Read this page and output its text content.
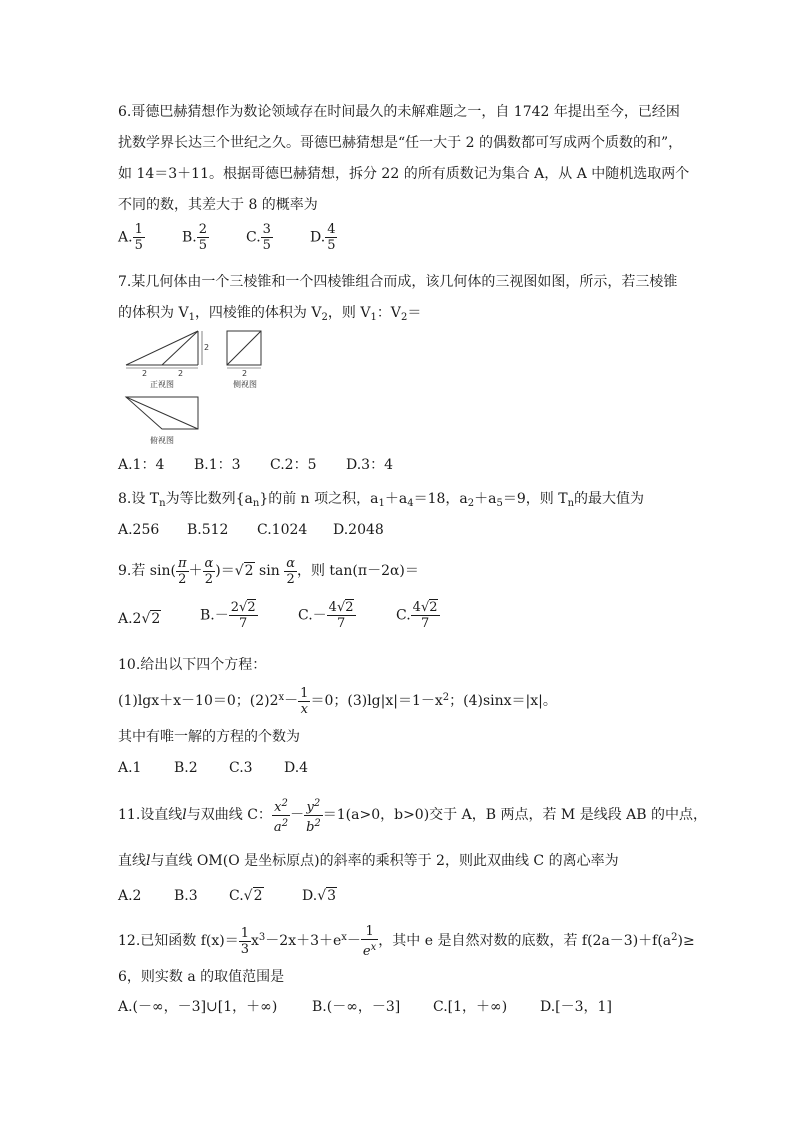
6.哥德巴赫猜想作为数论领域存在时间最久的未解难题之一，自 1742 年提出至今，已经困
扰数学界长达三个世纪之久。哥德巴赫猜想是“任一大于 2 的偶数都可写成两个质数的和”，
如 14＝3＋11。根据哥德巴赫猜想，拆分 22 的所有质数记为集合 A，从 A 中随机选取两个
不同的数，其差大于 8 的概率为
A. $\frac{1}{5}$	B. $\frac{2}{5}$	C. $\frac{3}{5}$	D. $\frac{4}{5}$
7.某几何体由一个三棱锥和一个四棱锥组合而成，该几何体的三视图如图，所示，若三棱锥
的体积为 $V_1$，四棱锥的体积为 $V_2$，则 $V_1$：$V_2=$
2	2
2
正视图
2
侧视图
俯视图
A.1：4 B.1：3 C.2：5 D.3：4
8.设 $T_n$为等比数列$\{a_n\}$的前 n 项之积，$a_1+a_4=18$，$a_2+a_5=9$，则 $T_n$的最大值为
A.256 B.512 C.1024 D.2048
9.若 $\sin( \frac{\pi}{2} + \frac{\alpha}{2} )=√2$ $\sin \frac{\alpha}{2}$ ，则 tan(π－2α)＝
A.2√2	$B.- \frac{2√2}{7}$	$C.- \frac{4√2}{7}$	C. $\frac{4√2}{7}$
10.给出以下四个方程：
(1)lgx＋x－10＝0；$(2)2^x- \frac{1}{x} =0$；$(3)\lg|x|=1-x^2$；(4)sinx＝|x|。
其中有唯一解的方程的个数为
A.1 B.2 C.3 D.4
11.设直线l与双曲线 C： $\frac{x^2}{a^2} - \frac{y^2}{b^2} =1(a>0$，b>0)交于 A，B 两点，若 M 是线段 AB 的中点，
直线l与直线 OM(O 是坐标原点)的斜率的乘积等于 2，则此双曲线 C 的离心率为
A.2 B.3 C.√2	D.√3
12.已知函数 $f(x)= \frac{1}{3} x^3-2x+3+e^x- \frac{1}{e^x}$ ，其中 e 是自然对数的底数，若 $f(2a-3)+f(a^2)\ge$
6，则实数 a 的取值范围是
A.(－∞，－3]∪[1，＋∞) B.(－∞，－3] C.[1，＋∞) D.[－3，1]
